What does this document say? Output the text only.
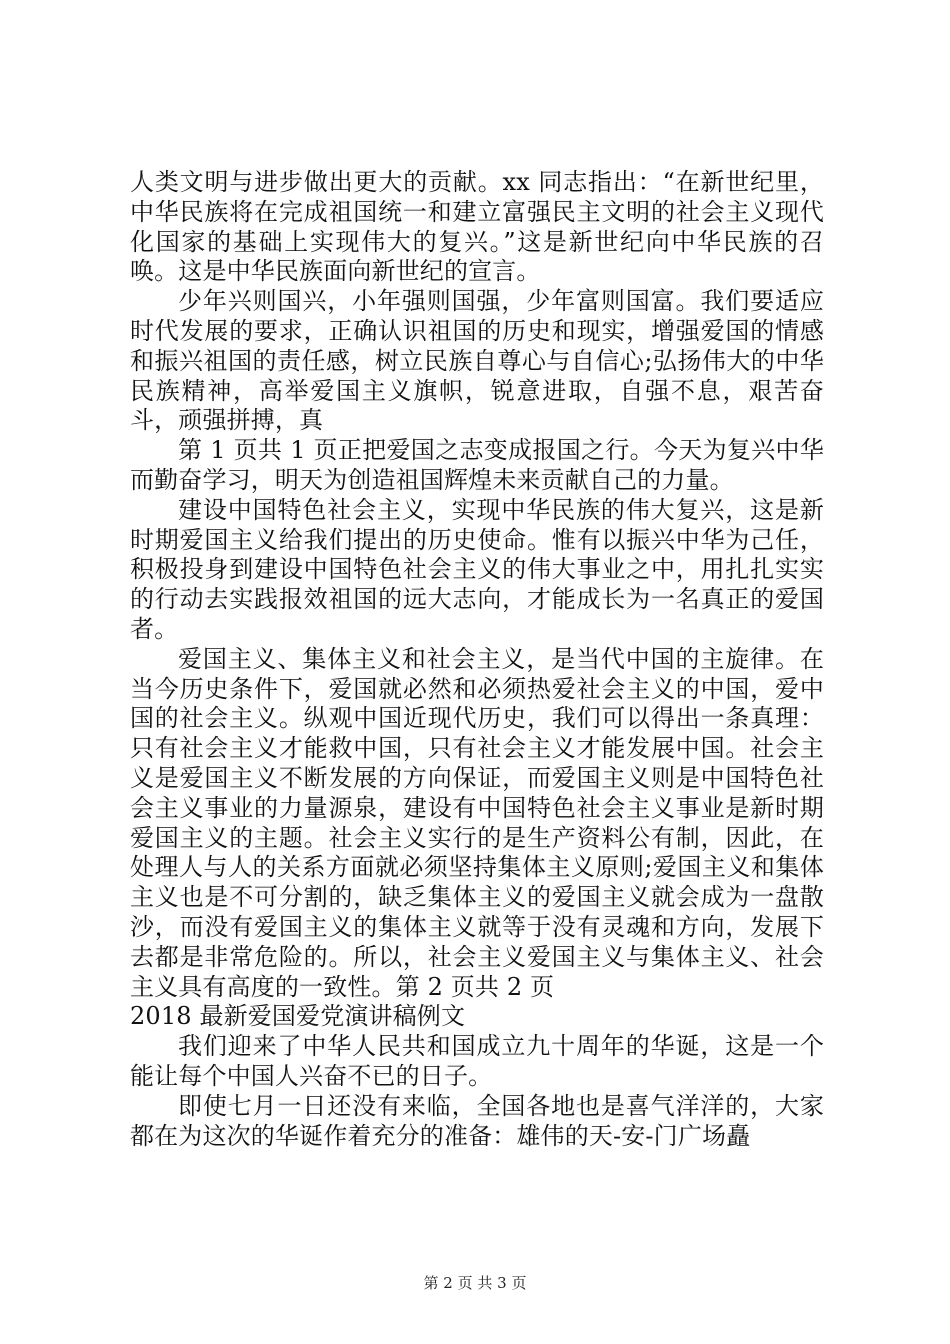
人类文明与进步做出更大的贡献。xx 同志指出：“在新世纪里，中华民族将在完成祖国统一和建立富强民主文明的社会主义现代化国家的基础上实现伟大的复兴。”这是新世纪向中华民族的召唤。这是中华民族面向新世纪的宣言。

少年兴则国兴，小年强则国强，少年富则国富。我们要适应时代发展的要求，正确认识祖国的历史和现实，增强爱国的情感和振兴祖国的责任感，树立民族自尊心与自信心;弘扬伟大的中华民族精神，高举爱国主义旗帜，锐意进取，自强不息，艰苦奋斗，顽强拼搏，真

第 1 页共 1 页正把爱国之志变成报国之行。今天为复兴中华而勤奋学习，明天为创造祖国辉煌未来贡献自己的力量。

建设中国特色社会主义，实现中华民族的伟大复兴，这是新时期爱国主义给我们提出的历史使命。惟有以振兴中华为己任，积极投身到建设中国特色社会主义的伟大事业之中，用扎扎实实的行动去实践报效祖国的远大志向，才能成长为一名真正的爱国者。

爱国主义、集体主义和社会主义，是当代中国的主旋律。在当今历史条件下，爱国就必然和必须热爱社会主义的中国，爱中国的社会主义。纵观中国近现代历史，我们可以得出一条真理：只有社会主义才能救中国，只有社会主义才能发展中国。社会主义是爱国主义不断发展的方向保证，而爱国主义则是中国特色社会主义事业的力量源泉，建设有中国特色社会主义事业是新时期爱国主义的主题。社会主义实行的是生产资料公有制，因此，在处理人与人的关系方面就必须坚持集体主义原则;爱国主义和集体主义也是不可分割的，缺乏集体主义的爱国主义就会成为一盘散沙，而没有爱国主义的集体主义就等于没有灵魂和方向，发展下去都是非常危险的。所以，社会主义爱国主义与集体主义、社会主义具有高度的一致性。第 2 页共 2 页

2018 最新爱国爱党演讲稿例文

我们迎来了中华人民共和国成立九十周年的华诞，这是一个能让每个中国人兴奋不已的日子。

即使七月一日还没有来临，全国各地也是喜气洋洋的，大家都在为这次的华诞作着充分的准备：雄伟的天-安-门广场矗

第 2 页 共 3 页
